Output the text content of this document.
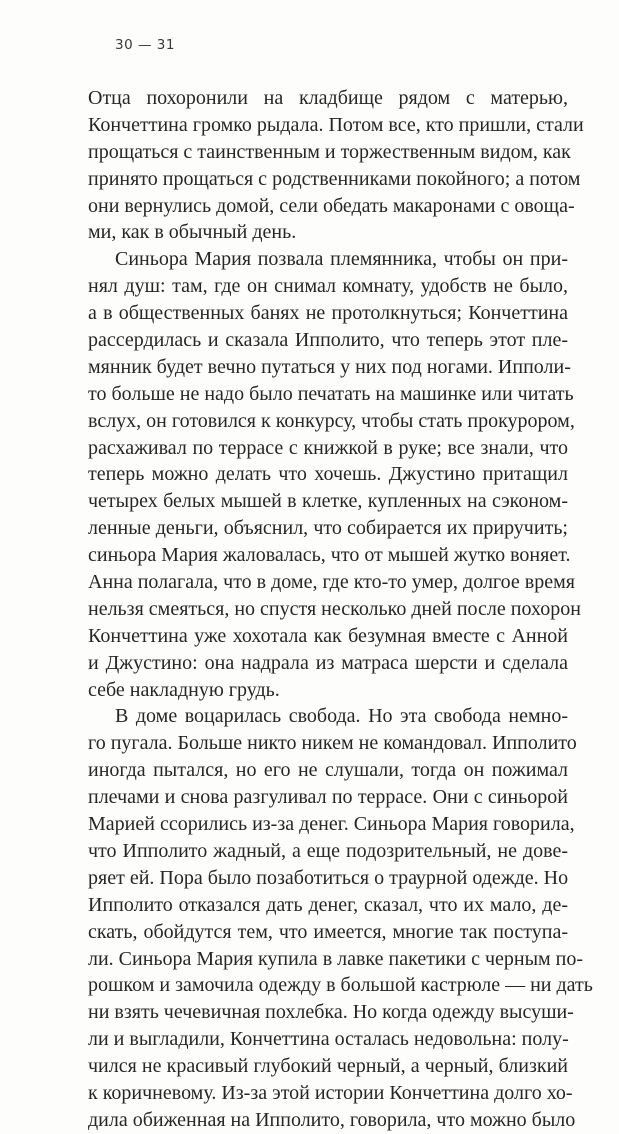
30 — 31
Отца похоронили на кладбище рядом с матерью,
Кончеттина громко рыдала. Потом все, кто пришли, стали
прощаться с таинственным и торжественным видом, как
принято прощаться с родственниками покойного; а потом
они вернулись домой, сели обедать макаронами с овоща-
ми, как в обычный день.
Синьора Мария позвала племянника, чтобы он при-
нял душ: там, где он снимал комнату, удобств не было,
а в общественных банях не протолкнуться; Кончеттина
рассердилась и сказала Ипполито, что теперь этот пле-
мянник будет вечно путаться у них под ногами. Ипполи-
то больше не надо было печатать на машинке или читать
вслух, он готовился к конкурсу, чтобы стать прокурором,
расхаживал по террасе с книжкой в руке; все знали, что
теперь можно делать что хочешь. Джустино притащил
четырех белых мышей в клетке, купленных на сэконом-
ленные деньги, объяснил, что собирается их приручить;
синьора Мария жаловалась, что от мышей жутко воняет.
Анна полагала, что в доме, где кто-то умер, долгое время
нельзя смеяться, но спустя несколько дней после похорон
Кончеттина уже хохотала как безумная вместе с Анной
и Джустино: она надрала из матраса шерсти и сделала
себе накладную грудь.
В доме воцарилась свобода. Но эта свобода немно-
го пугала. Больше никто никем не командовал. Ипполито
иногда пытался, но его не слушали, тогда он пожимал
плечами и снова разгуливал по террасе. Они с синьорой
Марией ссорились из-за денег. Синьора Мария говорила,
что Ипполито жадный, а еще подозрительный, не дове-
ряет ей. Пора было позаботиться о траурной одежде. Но
Ипполито отказался дать денег, сказал, что их мало, де-
скать, обойдутся тем, что имеется, многие так поступа-
ли. Синьора Мария купила в лавке пакетики с черным по-
рошком и замочила одежду в большой кастрюле — ни дать
ни взять чечевичная похлебка. Но когда одежду высуши-
ли и выгладили, Кончеттина осталась недовольна: полу-
чился не красивый глубокий черный, а черный, близкий
к коричневому. Из-за этой истории Кончеттина долго хо-
дила обиженная на Ипполито, говорила, что можно было
